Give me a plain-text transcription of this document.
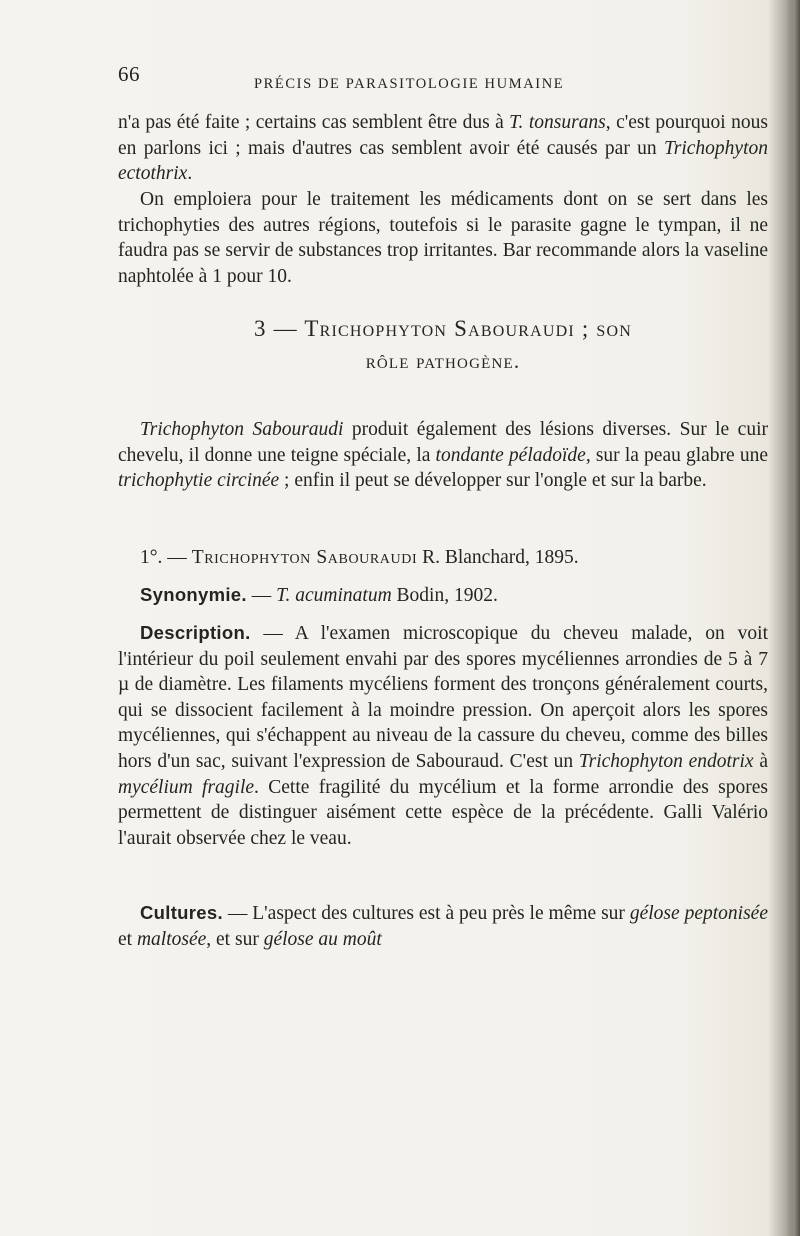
66	PRÉCIS DE PARASITOLOGIE HUMAINE

n'a pas été faite ; certains cas semblent être dus à T. tonsurans, c'est pourquoi nous en parlons ici ; mais d'autres cas semblent avoir été causés par un Trichophyton ectothrix.

On emploiera pour le traitement les médicaments dont on se sert dans les trichophyties des autres régions, toutefois si le parasite gagne le tympan, il ne faudra pas se servir de substances trop irritantes. Bar recommande alors la vaseline naphtolée à 1 pour 10.

3 — Trichophyton Sabouraudi ; son
rôle pathogène.

Trichophyton Sabouraudi produit également des lésions diverses. Sur le cuir chevelu, il donne une teigne spéciale, la tondante péladoïde, sur la peau glabre une trichophytie circinée ; enfin il peut se développer sur l'ongle et sur la barbe.

1°. — Trichophyton Sabouraudi R. Blanchard, 1895.

Synonymie. — T. acuminatum Bodin, 1902.

Description. — A l'examen microscopique du cheveu malade, on voit l'intérieur du poil seulement envahi par des spores mycéliennes arrondies de 5 à 7 µ de diamètre. Les filaments mycéliens forment des tronçons généralement courts, qui se dissocient facilement à la moindre pression. On aperçoit alors les spores mycéliennes, qui s'échappent au niveau de la cassure du cheveu, comme des billes hors d'un sac, suivant l'expression de Sabouraud. C'est un Trichophyton endotrix à mycélium fragile. Cette fragilité du mycélium et la forme arrondie des spores permettent de distinguer aisément cette espèce de la précédente. Galli Valério l'aurait observée chez le veau.

Cultures. — L'aspect des cultures est à peu près le même sur gélose peptonisée et maltosée, et sur gélose au moût
